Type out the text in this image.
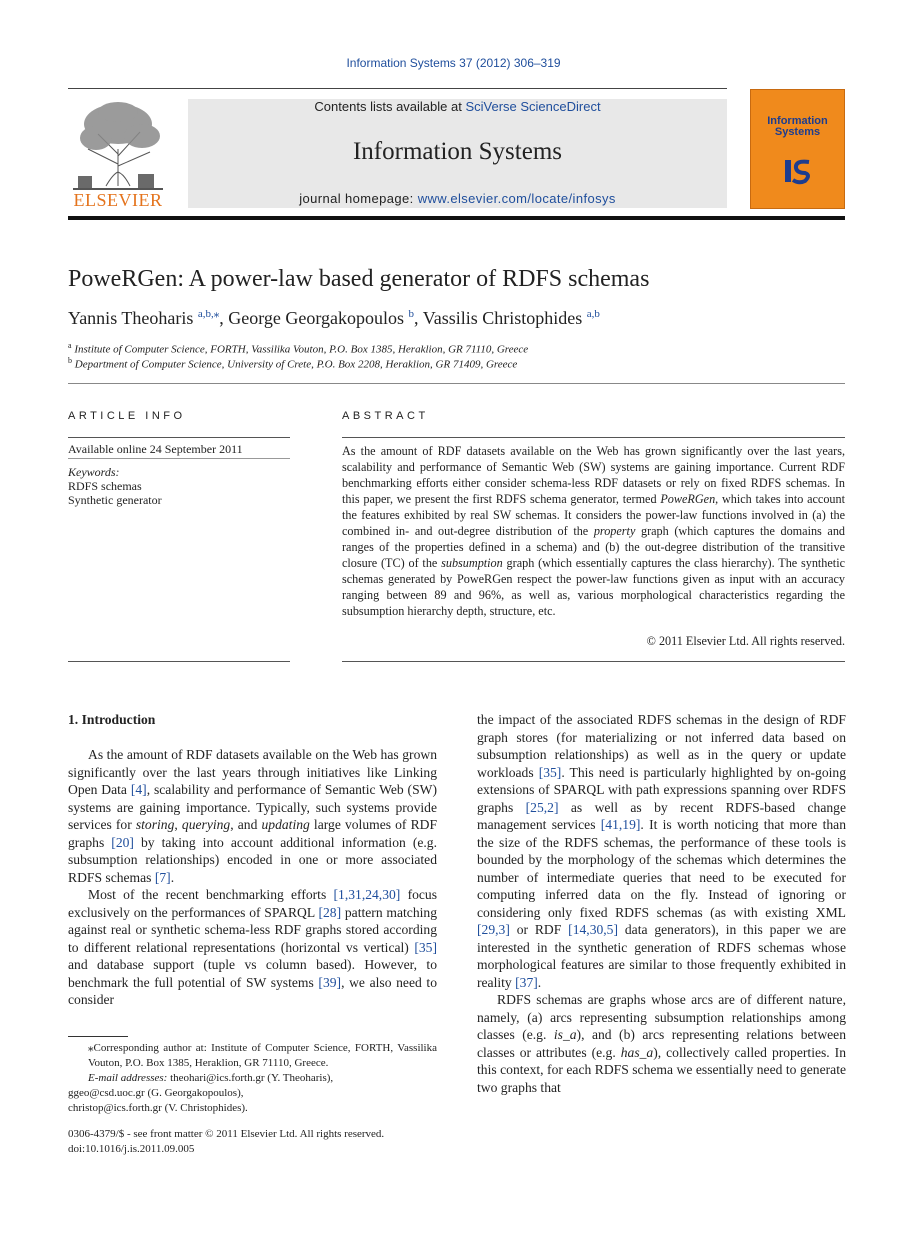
Information Systems 37 (2012) 306–319
ELSEVIER
Contents lists available at SciVerse ScienceDirect
Information Systems
journal homepage: www.elsevier.com/locate/infosys
Information
Systems
PoweRGen: A power-law based generator of RDFS schemas
Yannis Theoharis $^{a,b,⁎}$, George Georgakopoulos $^b$, Vassilis Christophides $^{a,b}$
$^a$ Institute of Computer Science, FORTH, Vassilika Vouton, P.O. Box 1385, Heraklion, GR 71110, Greece
$^b$ Department of Computer Science, University of Crete, P.O. Box 2208, Heraklion, GR 71409, Greece
ARTICLE INFO
Available online 24 September 2011
Keywords:
RDFS schemas
Synthetic generator
ABSTRACT
As the amount of RDF datasets available on the Web has grown significantly over the last years, scalability and performance of Semantic Web (SW) systems are gaining importance. Current RDF benchmarking efforts either consider schema-less RDF datasets or rely on fixed RDFS schemas. In this paper, we present the first RDFS schema generator, termed PoweRGen, which takes into account the features exhibited by real SW schemas. It considers the power-law functions involved in (a) the combined in- and out-degree distribution of the property graph (which captures the domains and ranges of the properties defined in a schema) and (b) the out-degree distribution of the transitive closure (TC) of the subsumption graph (which essentially captures the class hierarchy). The synthetic schemas generated by PoweRGen respect the power-law functions given as input with an accuracy ranging between 89 and 96%, as well as, various morphological characteristics regarding the subsumption hierarchy depth, structure, etc.
© 2011 Elsevier Ltd. All rights reserved.
1. Introduction

As the amount of RDF datasets available on the Web has grown significantly over the last years through initiatives like Linking Open Data [4], scalability and performance of Semantic Web (SW) systems are gaining importance. Typically, such systems provide services for storing, querying, and updating large volumes of RDF graphs [20] by taking into account additional information (e.g. subsumption relationships) encoded in one or more associated RDFS schemas [7].

Most of the recent benchmarking efforts [1,31,24,30] focus exclusively on the performances of SPARQL [28] pattern matching against real or synthetic schema-less RDF graphs stored according to different relational representations (horizontal vs vertical) [35] and database support (tuple vs column based). However, to benchmark the full potential of SW systems [39], we also need to consider

the impact of the associated RDFS schemas in the design of RDF graph stores (for materializing or not inferred data based on subsumption relationships) as well as in the query or update workloads [35]. This need is particularly highlighted by on-going extensions of SPARQL with path expressions spanning over RDFS graphs [25,2] as well as by recent RDFS-based change management services [41,19]. It is worth noticing that more than the size of the RDFS schemas, the performance of these tools is bounded by the morphology of the schemas which determines the number of intermediate queries that need to be executed for computing inferred data on the fly. Instead of ignoring or considering only fixed RDFS schemas (as with existing XML [29,3] or RDF [14,30,5] data generators), in this paper we are interested in the synthetic generation of RDFS schemas whose morphological features are similar to those frequently exhibited in reality [37].

RDFS schemas are graphs whose arcs are of different nature, namely, (a) arcs representing subsumption relationships among classes (e.g. is_a), and (b) arcs representing relations between classes or attributes (e.g. has_a), collectively called properties. In this context, for each RDFS schema we essentially need to generate two graphs that

⁎Corresponding author at: Institute of Computer Science, FORTH, Vassilika Vouton, P.O. Box 1385, Heraklion, GR 71110, Greece.
E-mail addresses: theohari@ics.forth.gr (Y. Theoharis),
ggeo@csd.uoc.gr (G. Georgakopoulos),
christop@ics.forth.gr (V. Christophides).
0306-4379/$ - see front matter © 2011 Elsevier Ltd. All rights reserved.
doi:10.1016/j.is.2011.09.005
